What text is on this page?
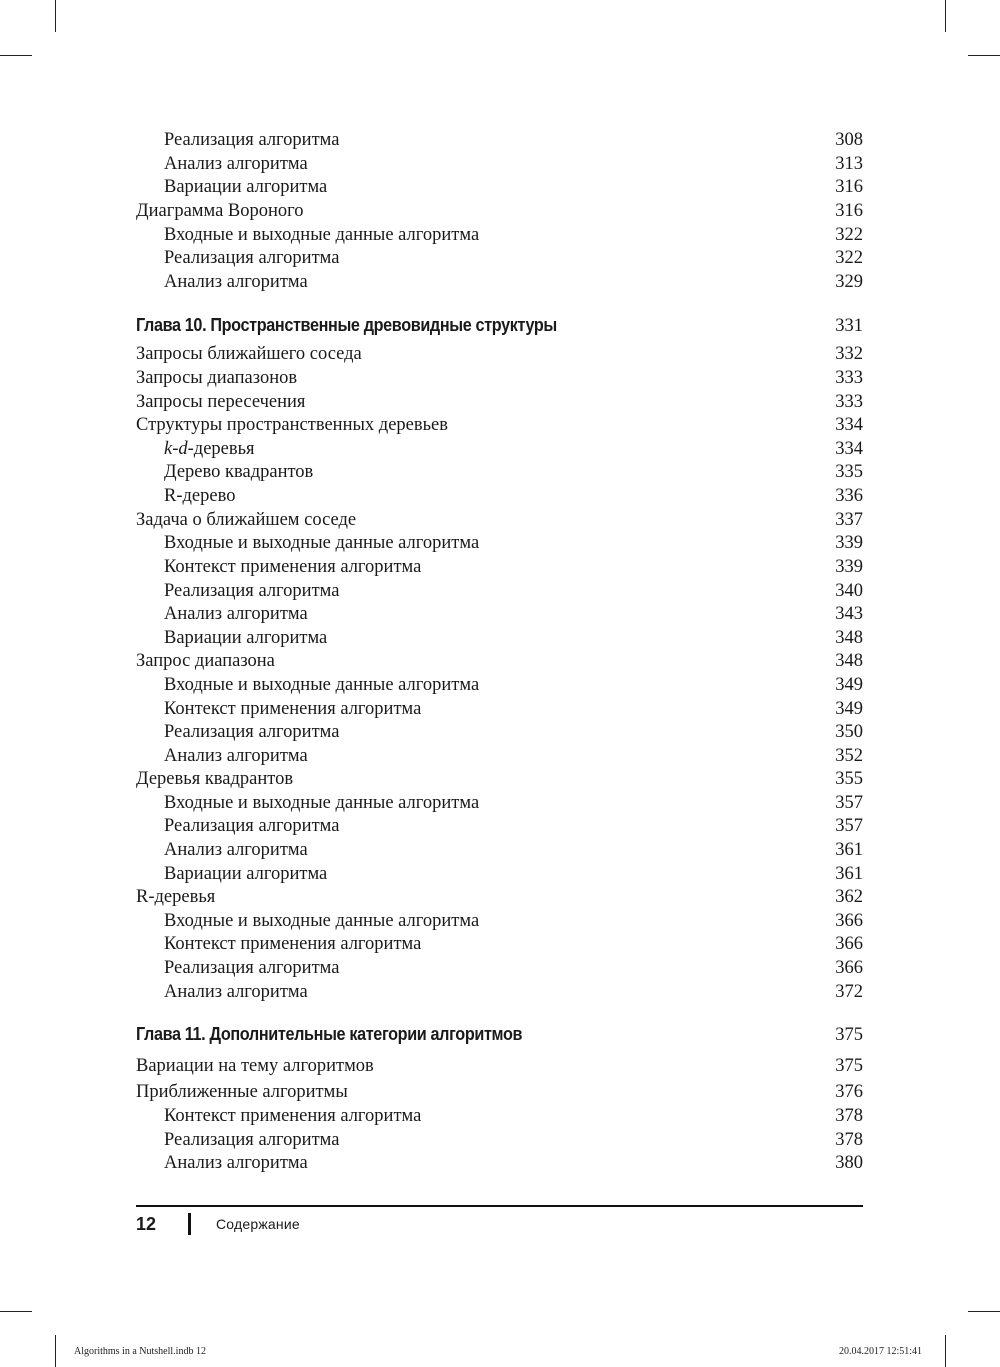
Реализация алгоритма	308
Анализ алгоритма	313
Вариации алгоритма	316
Диаграмма Вороного	316
Входные и выходные данные алгоритма	322
Реализация алгоритма	322
Анализ алгоритма	329
Глава 10. Пространственные древовидные структуры	331
Запросы ближайшего соседа	332
Запросы диапазонов	333
Запросы пересечения	333
Структуры пространственных деревьев	334
k-d-деревья	334
Дерево квадрантов	335
R-дерево	336
Задача о ближайшем соседе	337
Входные и выходные данные алгоритма	339
Контекст применения алгоритма	339
Реализация алгоритма	340
Анализ алгоритма	343
Вариации алгоритма	348
Запрос диапазона	348
Входные и выходные данные алгоритма	349
Контекст применения алгоритма	349
Реализация алгоритма	350
Анализ алгоритма	352
Деревья квадрантов	355
Входные и выходные данные алгоритма	357
Реализация алгоритма	357
Анализ алгоритма	361
Вариации алгоритма	361
R-деревья	362
Входные и выходные данные алгоритма	366
Контекст применения алгоритма	366
Реализация алгоритма	366
Анализ алгоритма	372
Глава 11. Дополнительные категории алгоритмов	375
Вариации на тему алгоритмов	375
Приближенные алгоритмы	376
Контекст применения алгоритма	378
Реализация алгоритма	378
Анализ алгоритма	380
12	Содержание
Algorithms in a Nutshell.indb 12	20.04.2017 12:51:41
